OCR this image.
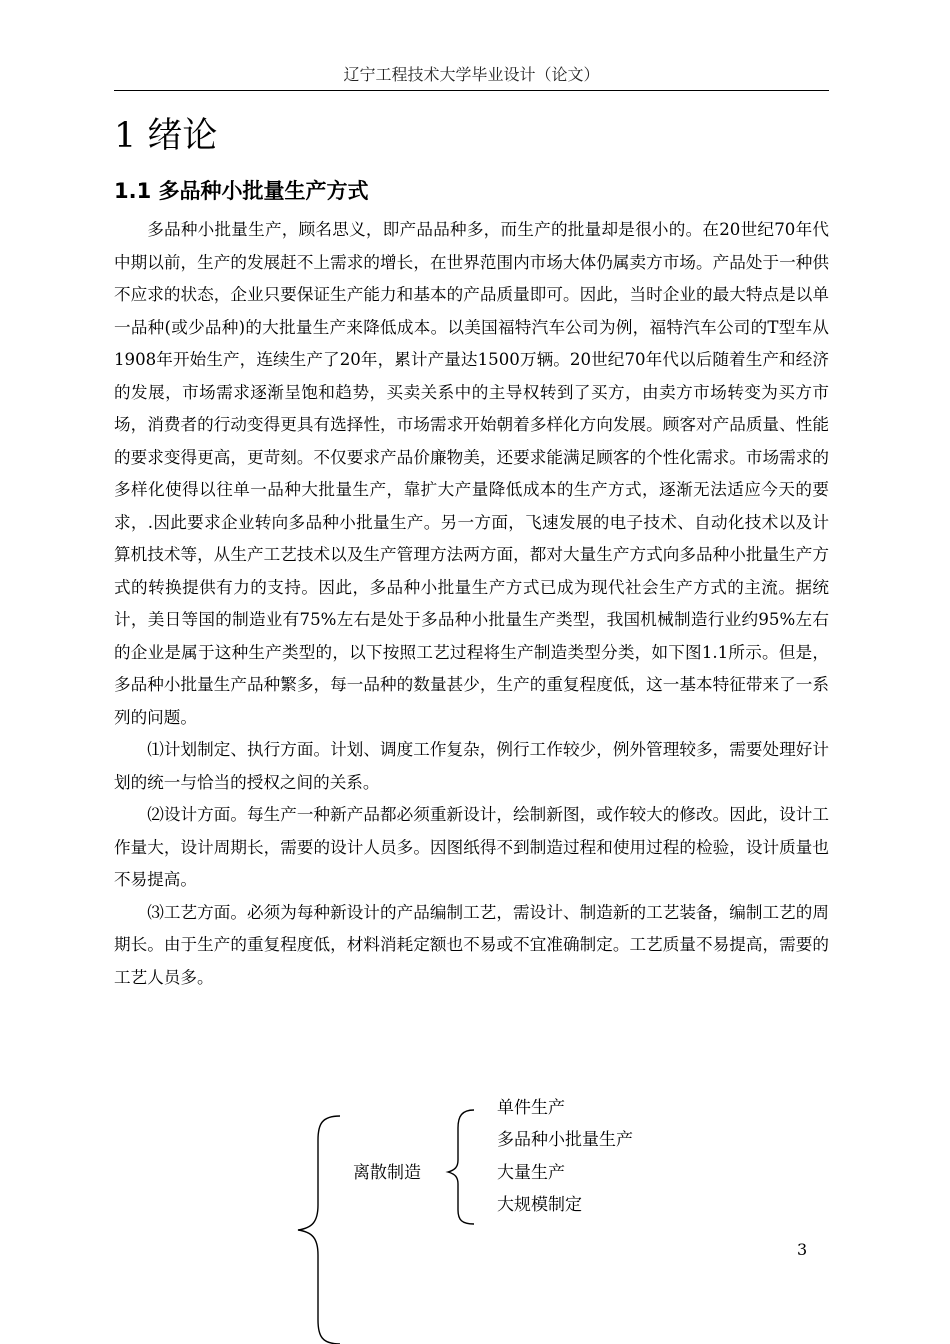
辽宁工程技术大学毕业设计（论文）
1 绪论
1.1 多品种小批量生产方式

多品种小批量生产，顾名思义，即产品品种多，而生产的批量却是很小的。在20世纪70年代中期以前，生产的发展赶不上需求的增长，在世界范围内市场大体仍属卖方市场。产品处于一种供不应求的状态，企业只要保证生产能力和基本的产品质量即可。因此，当时企业的最大特点是以单一品种(或少品种)的大批量生产来降低成本。以美国福特汽车公司为例，福特汽车公司的T型车从1908年开始生产，连续生产了20年，累计产量达1500万辆。20世纪70年代以后随着生产和经济的发展，市场需求逐渐呈饱和趋势，买卖关系中的主导权转到了买方，由卖方市场转变为买方市场，消费者的行动变得更具有选择性，市场需求开始朝着多样化方向发展。顾客对产品质量、性能的要求变得更高，更苛刻。不仅要求产品价廉物美，还要求能满足顾客的个性化需求。市场需求的多样化使得以往单一品种大批量生产，靠扩大产量降低成本的生产方式，逐渐无法适应今天的要求，.因此要求企业转向多品种小批量生产。另一方面，飞速发展的电子技术、自动化技术以及计算机技术等，从生产工艺技术以及生产管理方法两方面，都对大量生产方式向多品种小批量生产方式的转换提供有力的支持。因此，多品种小批量生产方式已成为现代社会生产方式的主流。据统计，美日等国的制造业有75%左右是处于多品种小批量生产类型，我国机械制造行业约95%左右的企业是属于这种生产类型的，以下按照工艺过程将生产制造类型分类，如下图1.1所示。但是，多品种小批量生产品种繁多，每一品种的数量甚少，生产的重复程度低，这一基本特征带来了一系列的问题。

⑴计划制定、执行方面。计划、调度工作复杂，例行工作较少，例外管理较多，需要处理好计划的统一与恰当的授权之间的关系。

⑵设计方面。每生产一种新产品都必须重新设计，绘制新图，或作较大的修改。因此，设计工作量大，设计周期长，需要的设计人员多。因图纸得不到制造过程和使用过程的检验，设计质量也不易提高。

⑶工艺方面。必须为每种新设计的产品编制工艺，需设计、制造新的工艺装备，编制工艺的周期长。由于生产的重复程度低，材料消耗定额也不易或不宜准确制定。工艺质量不易提高，需要的工艺人员多。

离散制造
单件生产
多品种小批量生产
大量生产
大规模制定
3
